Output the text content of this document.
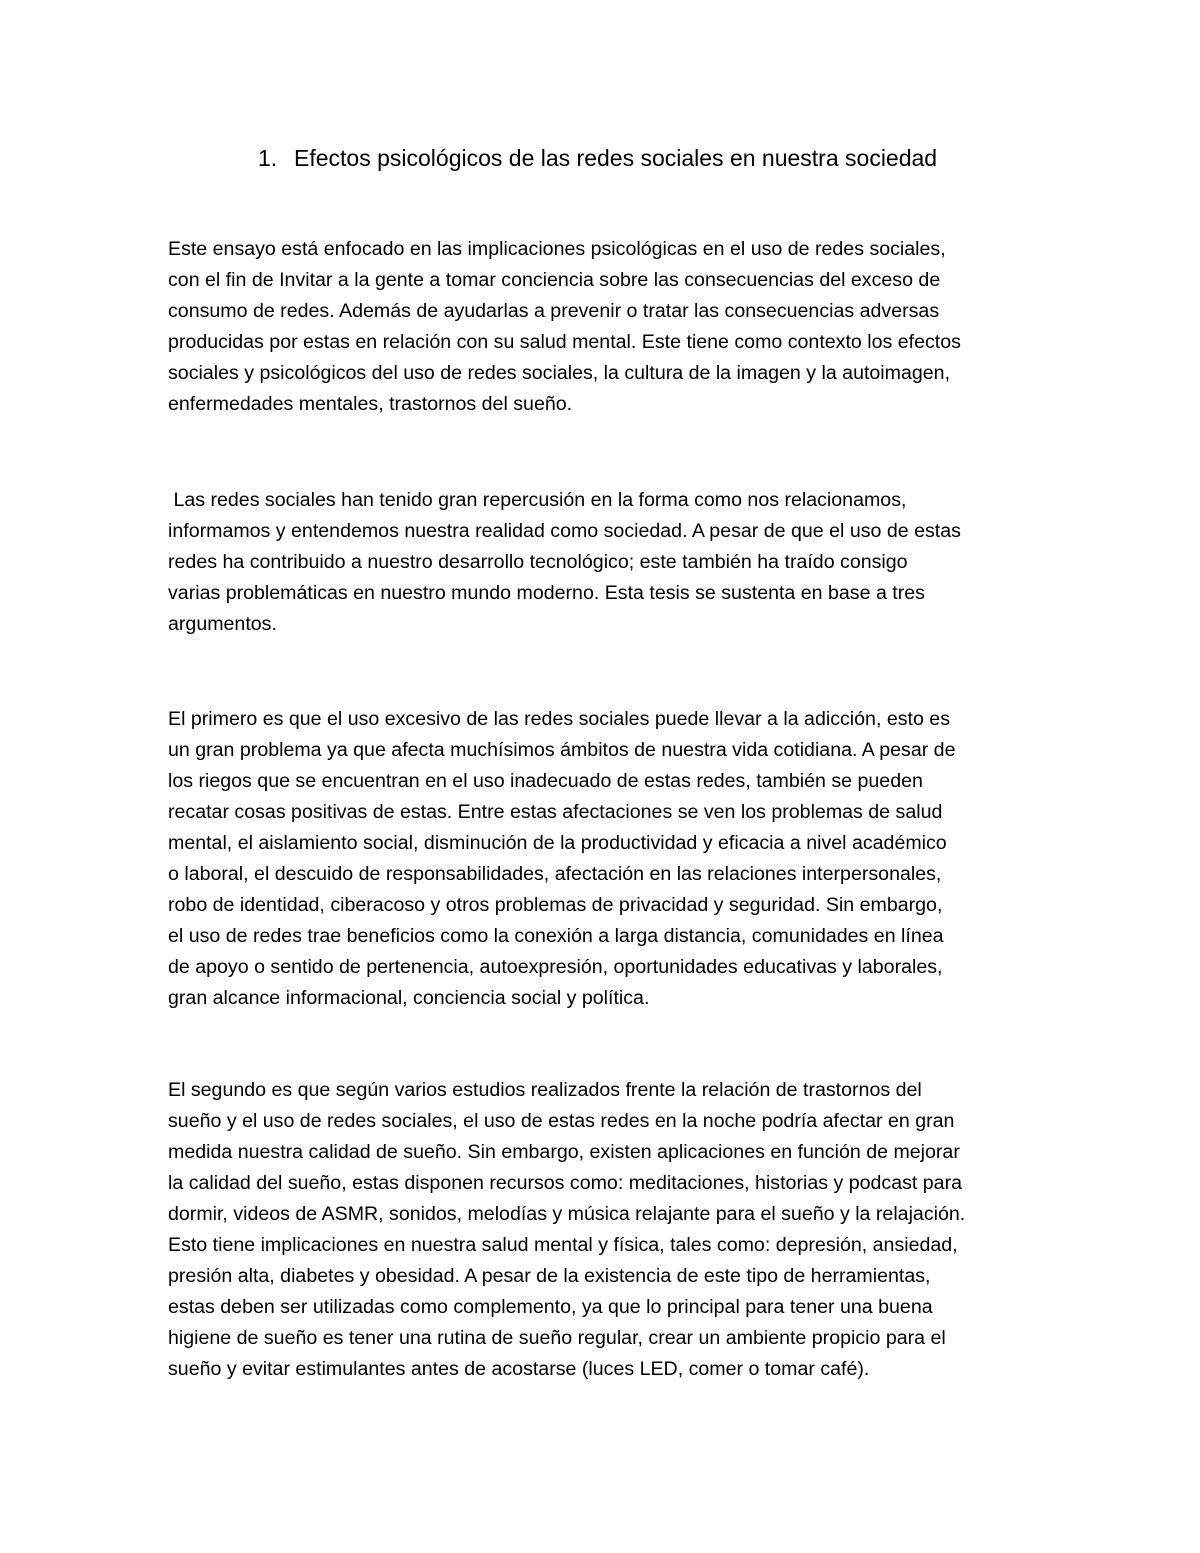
1. Efectos psicológicos de las redes sociales en nuestra sociedad

Este ensayo está enfocado en las implicaciones psicológicas en el uso de redes sociales,
con el fin de Invitar a la gente a tomar conciencia sobre las consecuencias del exceso de
consumo de redes. Además de ayudarlas a prevenir o tratar las consecuencias adversas
producidas por estas en relación con su salud mental. Este tiene como contexto los efectos
sociales y psicológicos del uso de redes sociales, la cultura de la imagen y la autoimagen,
enfermedades mentales, trastornos del sueño.

Las redes sociales han tenido gran repercusión en la forma como nos relacionamos,
informamos y entendemos nuestra realidad como sociedad. A pesar de que el uso de estas
redes ha contribuido a nuestro desarrollo tecnológico; este también ha traído consigo
varias problemáticas en nuestro mundo moderno. Esta tesis se sustenta en base a tres
argumentos.

El primero es que el uso excesivo de las redes sociales puede llevar a la adicción, esto es
un gran problema ya que afecta muchísimos ámbitos de nuestra vida cotidiana. A pesar de
los riegos que se encuentran en el uso inadecuado de estas redes, también se pueden
recatar cosas positivas de estas. Entre estas afectaciones se ven los problemas de salud
mental, el aislamiento social, disminución de la productividad y eficacia a nivel académico
o laboral, el descuido de responsabilidades, afectación en las relaciones interpersonales,
robo de identidad, ciberacoso y otros problemas de privacidad y seguridad. Sin embargo,
el uso de redes trae beneficios como la conexión a larga distancia, comunidades en línea
de apoyo o sentido de pertenencia, autoexpresión, oportunidades educativas y laborales,
gran alcance informacional, conciencia social y política.

El segundo es que según varios estudios realizados frente la relación de trastornos del
sueño y el uso de redes sociales, el uso de estas redes en la noche podría afectar en gran
medida nuestra calidad de sueño. Sin embargo, existen aplicaciones en función de mejorar
la calidad del sueño, estas disponen recursos como: meditaciones, historias y podcast para
dormir, videos de ASMR, sonidos, melodías y música relajante para el sueño y la relajación.
Esto tiene implicaciones en nuestra salud mental y física, tales como: depresión, ansiedad,
presión alta, diabetes y obesidad. A pesar de la existencia de este tipo de herramientas,
estas deben ser utilizadas como complemento, ya que lo principal para tener una buena
higiene de sueño es tener una rutina de sueño regular, crear un ambiente propicio para el
sueño y evitar estimulantes antes de acostarse (luces LED, comer o tomar café).
